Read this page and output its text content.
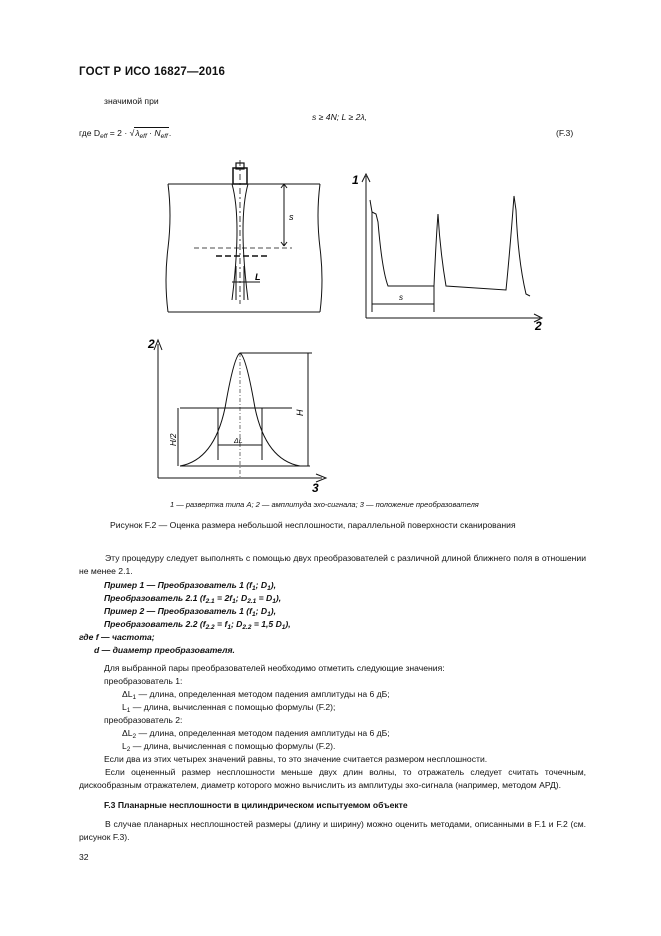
ГОСТ Р ИСО 16827—2016
значимой при
s ≥ 4N; L ≥ 2λ,
где $D_{eff} = 2 \cdot √\lambda_{eff} \cdot N_{eff}$.	(F.3)
s
L
1
2
s
2
3
H
H/2	ΔL
1 — развертка типа А; 2 — амплитуда эхо-сигнала; 3 — положение преобразователя
Рисунок F.2 — Оценка размера небольшой несплошности, параллельной поверхности сканирования
Эту процедуру следует выполнять с помощью двух преобразователей с различной длиной ближнего поля в отношении не менее 2.1.
Пример 1 — Преобразователь 1 ($f_1$; $D_1$),
Преобразователь 2.1 ($f_{2.1} = 2f_1$; $D_{2.1} = D_1$),
Пример 2 — Преобразователь 1 ($f_1$; $D_1$),
Преобразователь 2.2 ($f_{2.2} = f_1$; $D_{2.2} = 1,5$ $D_1$),
где f — частота;
d — диаметр преобразователя.
Для выбранной пары преобразователей необходимо отметить следующие значения:
преобразователь 1:
$\Delta L_1$ — длина, определенная методом падения амплитуды на 6 дБ;
$L_1$ — длина, вычисленная с помощью формулы (F.2);
преобразователь 2:
$\Delta L_2$ — длина, определенная методом падения амплитуды на 6 дБ;
$L_2$ — длина, вычисленная с помощью формулы (F.2).
Если два из этих четырех значений равны, то это значение считается размером несплошности.
Если оцененный размер несплошности меньше двух длин волны, то отражатель следует считать точечным, дискообразным отражателем, диаметр которого можно вычислить из амплитуды эхо-сигнала (например, методом АРД).
F.3 Планарные несплошности в цилиндрическом испытуемом объекте
В случае планарных несплошностей размеры (длину и ширину) можно оценить методами, описанными в F.1 и F.2 (см. рисунок F.3).
32
